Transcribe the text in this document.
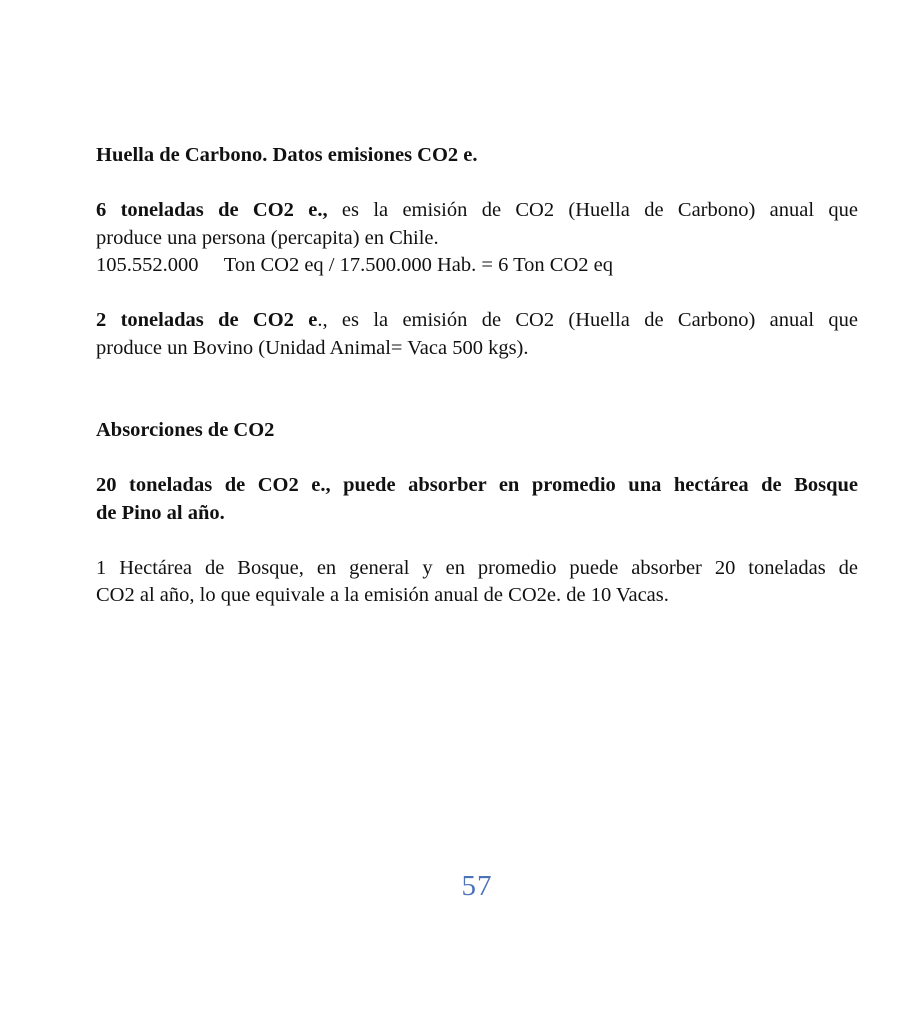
Huella de Carbono. Datos emisiones CO2 e.
6 toneladas de CO2 e., es la emisión de CO2 (Huella de Carbono) anual que
produce una persona (percapita) en Chile.
105.552.000     Ton CO2 eq / 17.500.000 Hab. = 6 Ton CO2 eq
2 toneladas de CO2 e., es la emisión de CO2 (Huella de Carbono) anual que
produce un Bovino (Unidad Animal= Vaca 500 kgs).
Absorciones de CO2
20 toneladas de CO2 e., puede absorber en promedio una hectárea de Bosque
de Pino al año.
1 Hectárea de Bosque, en general y en promedio puede absorber 20 toneladas de
CO2 al año, lo que equivale a la emisión anual de CO2e. de 10 Vacas.
57
